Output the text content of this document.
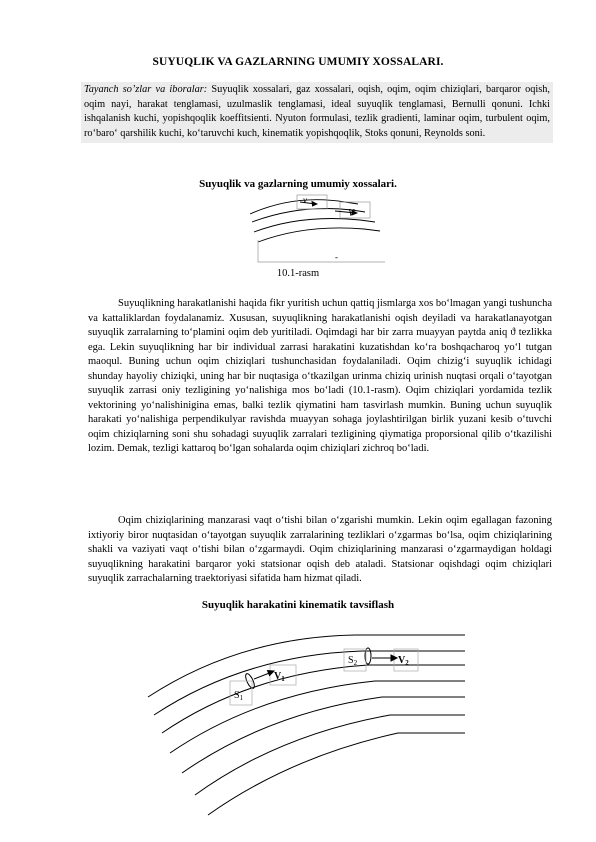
SUYUQLIK VA GAZLARNING UMUMIY XOSSALARI.
Tayanch so’zlar va iboralar: Suyuqlik xossalari, gaz xossalari, oqish, oqim, oqim chiziqlari, barqaror oqish, oqim nayi, harakat tenglamasi, uzulmaslik tenglamasi, ideal suyuqlik tenglamasi, Bernulli qonuni. Ichki ishqalanish kuchi, yopishqoqlik koeffitsienti. Nyuton formulasi, tezlik gradienti, laminar oqim, turbulent oqim, ro‘baro‘ qarshilik kuchi, ko‘taruvchi kuch, kinematik yopishqoqlik, Stoks qonuni, Reynolds soni.
Suyuqlik va gazlarning umumiy xossalari.
v
V
-
10.1-rasm
Suyuqlikning harakatlanishi haqida fikr yuritish uchun qattiq jismlarga xos bo‘lmagan yangi tushuncha va kattaliklardan foydalanamiz. Xususan, suyuqlikning harakatlanishi oqish deyiladi va harakatlanayotgan suyuqlik zarralarning to‘plamini oqim deb yuritiladi. Oqimdagi har bir zarra muayyan paytda aniq ϑ tezlikka ega. Lekin suyuqlikning har bir individual zarrasi harakatini kuzatishdan ko‘ra boshqacharoq yo‘l tutgan maoqul. Buning uchun oqim chiziqlari tushunchasidan foydalaniladi. Oqim chizig‘i suyuqlik ichidagi shunday hayoliy chiziqki, uning har bir nuqtasiga o‘tkazilgan urinma chiziq urinish nuqtasi orqali o‘tayotgan suyuqlik zarrasi oniy tezligining yo‘nalishiga mos bo‘ladi (10.1-rasm). Oqim chiziqlari yordamida tezlik vektorining yo‘nalishinigina emas, balki tezlik qiymatini ham tasvirlash mumkin. Buning uchun suyuqlik harakati yo‘nalishiga perpendikulyar ravishda muayyan sohaga joylashtirilgan birlik yuzani kesib o‘tuvchi oqim chiziqlarning soni shu sohadagi suyuqlik zarralari tezligining qiymatiga proporsional qilib o‘tkazilishi lozim. Demak, tezligi kattaroq bo‘lgan sohalarda oqim chiziqlari zichroq bo‘ladi.
Oqim chiziqlarining manzarasi vaqt o‘tishi bilan o‘zgarishi mumkin. Lekin oqim egallagan fazoning ixtiyoriy biror nuqtasidan o‘tayotgan suyuqlik zarralarining tezliklari o‘zgarmas bo‘lsa, oqim chiziqlarining shakli va vaziyati vaqt o‘tishi bilan o‘zgarmaydi. Oqim chiziqlarining manzarasi o‘zgarmaydigan holdagi suyuqlikning harakatini barqaror yoki statsionar oqish deb ataladi. Statsionar oqishdagi oqim chiziqlari suyuqlik zarrachalarning traektoriyasi sifatida ham hizmat qiladi.
Suyuqlik harakatini kinematik tavsiflash
$S_1$
$V_1$
$S_2$	$V_2$
